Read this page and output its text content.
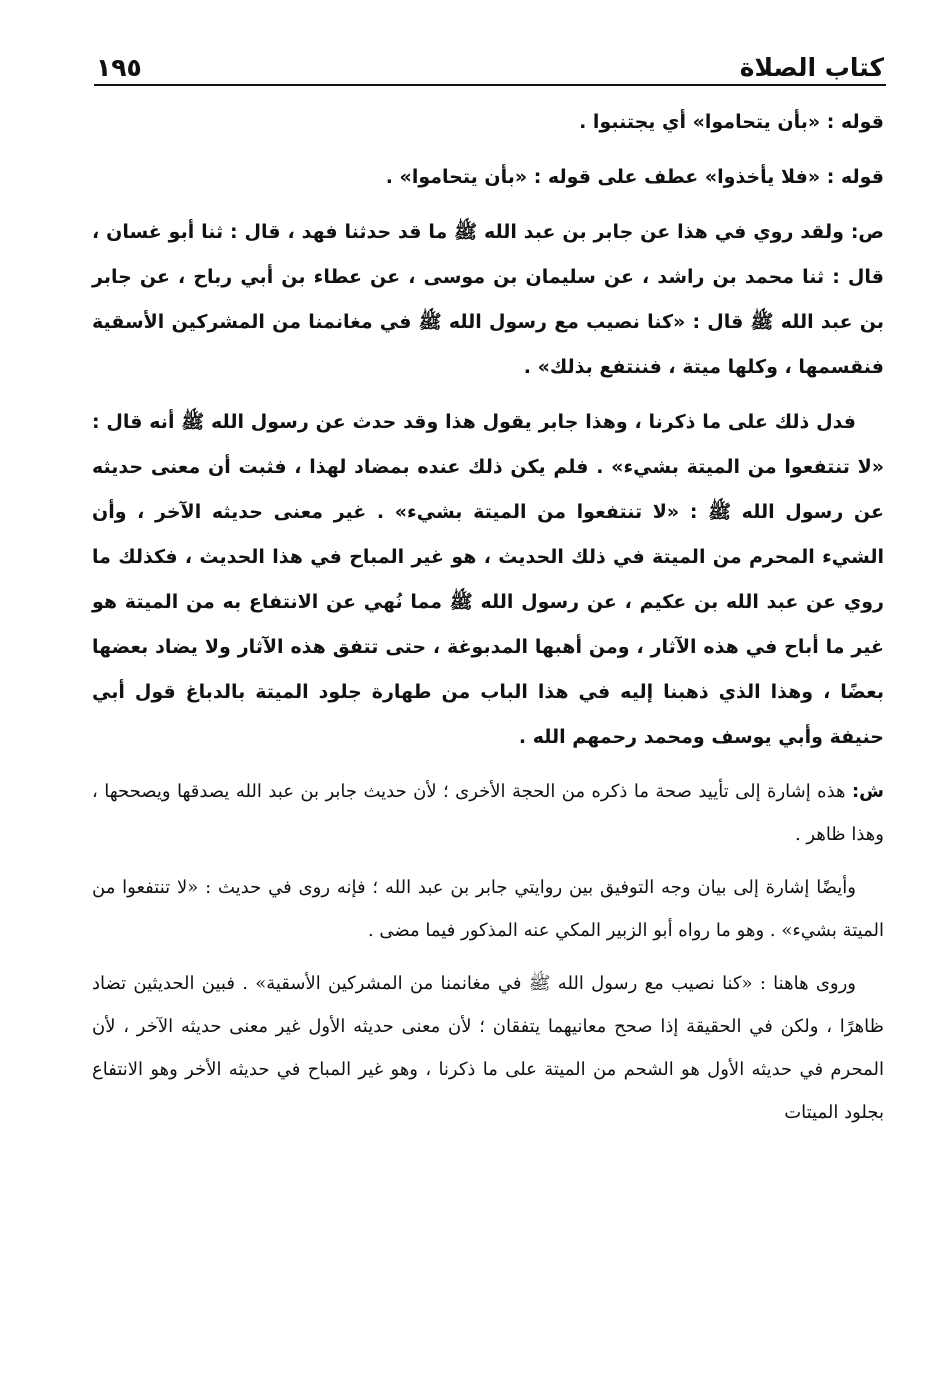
كتاب الصلاة
١٩٥

قوله : «بأن يتحاموا» أي يجتنبوا .

قوله : «فلا يأخذوا» عطف على قوله : «بأن يتحاموا» .

ص: ولقد روي في هذا عن جابر بن عبد الله ﷺ ما قد حدثنا فهد ، قال : ثنا أبو غسان ، قال : ثنا محمد بن راشد ، عن سليمان بن موسى ، عن عطاء بن أبي رباح ، عن جابر بن عبد الله ﷺ قال : «كنا نصيب مع رسول الله ﷺ في مغانمنا من المشركين الأسقية فنقسمها ، وكلها ميتة ، فننتفع بذلك» .

فدل ذلك على ما ذكرنا ، وهذا جابر يقول هذا وقد حدث عن رسول الله ﷺ أنه قال : «لا تنتفعوا من الميتة بشيء» . فلم يكن ذلك عنده بمضاد لهذا ، فثبت أن معنى حديثه عن رسول الله ﷺ : «لا تنتفعوا من الميتة بشيء» . غير معنى حديثه الآخر ، وأن الشيء المحرم من الميتة في ذلك الحديث ، هو غير المباح في هذا الحديث ، فكذلك ما روي عن عبد الله بن عكيم ، عن رسول الله ﷺ مما نُهي عن الانتفاع به من الميتة هو غير ما أباح في هذه الآثار ، ومن أهبها المدبوغة ، حتى تتفق هذه الآثار ولا يضاد بعضها بعضًا ، وهذا الذي ذهبنا إليه في هذا الباب من طهارة جلود الميتة بالدباغ قول أبي حنيفة وأبي يوسف ومحمد رحمهم الله .

ش: هذه إشارة إلى تأييد صحة ما ذكره من الحجة الأخرى ؛ لأن حديث جابر بن عبد الله يصدقها ويصححها ، وهذا ظاهر .

وأيضًا إشارة إلى بيان وجه التوفيق بين روايتي جابر بن عبد الله ؛ فإنه روى في حديث : «لا تنتفعوا من الميتة بشيء» . وهو ما رواه أبو الزبير المكي عنه المذكور فيما مضى .

وروى هاهنا : «كنا نصيب مع رسول الله ﷺ في مغانمنا من المشركين الأسقية» . فبين الحديثين تضاد ظاهرًا ، ولكن في الحقيقة إذا صحح معانيهما يتفقان ؛ لأن معنى حديثه الأول غير معنى حديثه الآخر ، لأن المحرم في حديثه الأول هو الشحم من الميتة على ما ذكرنا ، وهو غير المباح في حديثه الأخر وهو الانتفاع بجلود الميتات
